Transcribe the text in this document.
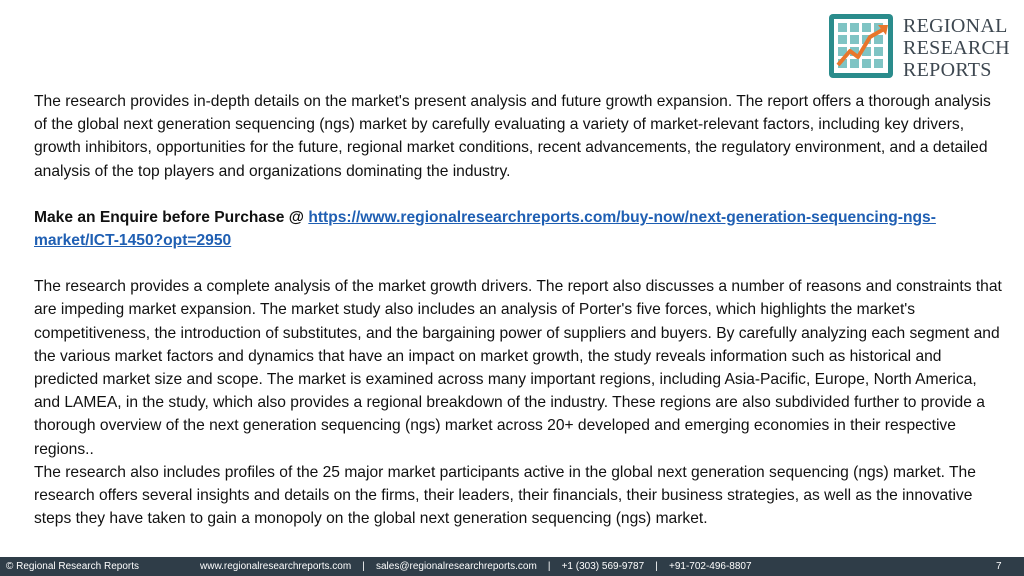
REGIONAL
RESEARCH
REPORTS

The research provides in-depth details on the market's present analysis and future growth expansion. The report offers a thorough analysis of the global next generation sequencing (ngs) market by carefully evaluating a variety of market-relevant factors, including key drivers, growth inhibitors, opportunities for the future, regional market conditions, recent advancements, the regulatory environment, and a detailed analysis of the top players and organizations dominating the industry.

Make an Enquire before Purchase @ https://www.regionalresearchreports.com/buy-now/next-generation-sequencing-ngs-market/ICT-1450?opt=2950

The research provides a complete analysis of the market growth drivers. The report also discusses a number of reasons and constraints that are impeding market expansion. The market study also includes an analysis of Porter's five forces, which highlights the market's competitiveness, the introduction of substitutes, and the bargaining power of suppliers and buyers. By carefully analyzing each segment and the various market factors and dynamics that have an impact on market growth, the study reveals information such as historical and predicted market size and scope. The market is examined across many important regions, including Asia-Pacific, Europe, North America, and LAMEA, in the study, which also provides a regional breakdown of the industry. These regions are also subdivided further to provide a thorough overview of the next generation sequencing (ngs) market across 20+ developed and emerging economies in their respective regions..

The research also includes profiles of the 25 major market participants active in the global next generation sequencing (ngs) market. The research offers several insights and details on the firms, their leaders, their financials, their business strategies, as well as the innovative steps they have taken to gain a monopoly on the global next generation sequencing (ngs) market.

© Regional Research Reports	www.regionalresearchreports.com    |    sales@regionalresearchreports.com    |    +1 (303) 569-9787    |    +91-702-496-8807	7
